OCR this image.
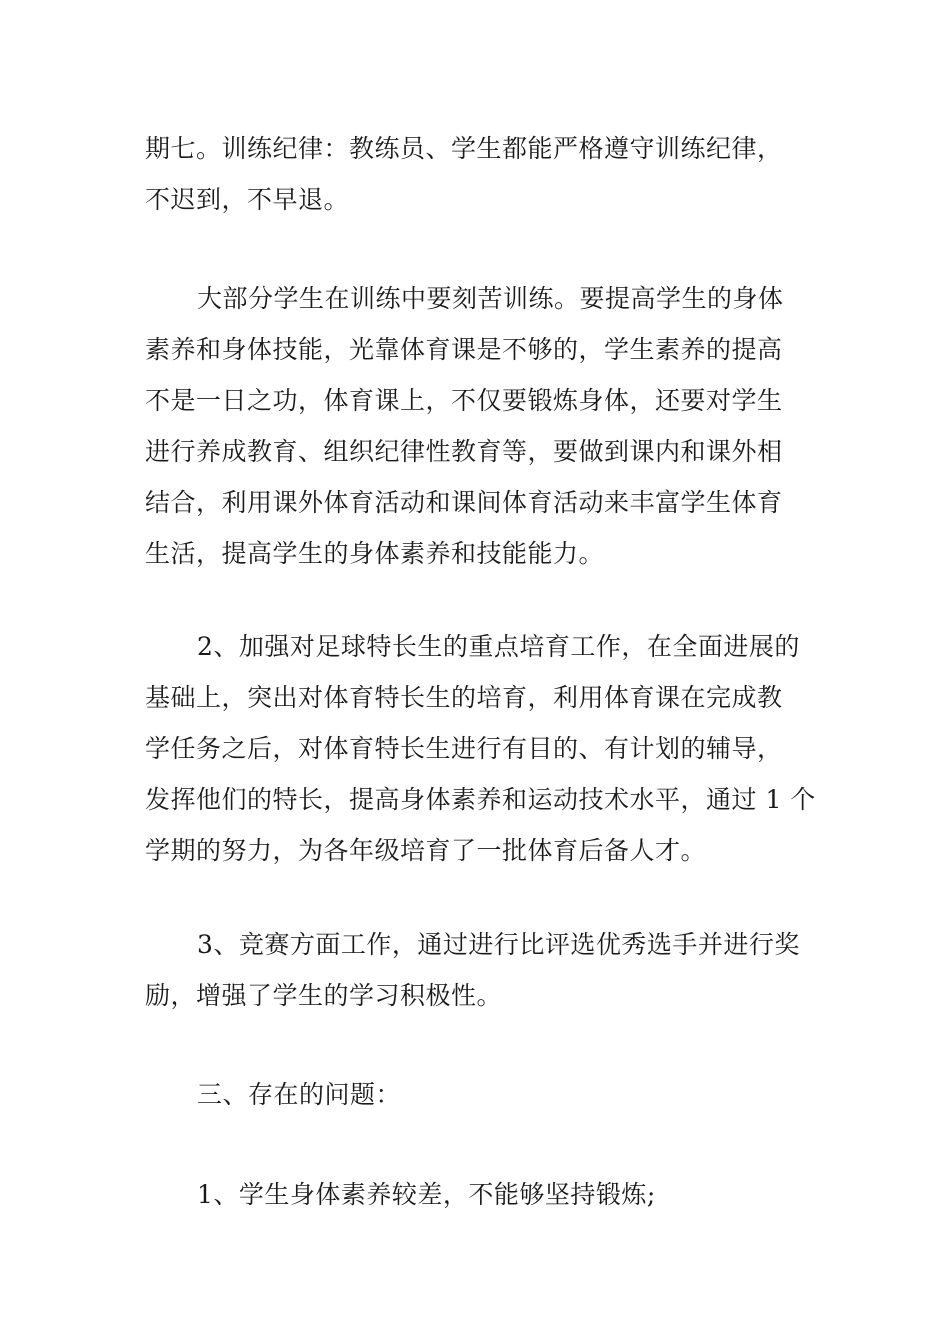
期七。训练纪律：教练员、学生都能严格遵守训练纪律，
不迟到，不早退。
大部分学生在训练中要刻苦训练。要提高学生的身体
素养和身体技能，光靠体育课是不够的，学生素养的提高
不是一日之功，体育课上，不仅要锻炼身体，还要对学生
进行养成教育、组织纪律性教育等，要做到课内和课外相
结合，利用课外体育活动和课间体育活动来丰富学生体育
生活，提高学生的身体素养和技能能力。
2、加强对足球特长生的重点培育工作，在全面进展的
基础上，突出对体育特长生的培育，利用体育课在完成教
学任务之后，对体育特长生进行有目的、有计划的辅导，
发挥他们的特长，提高身体素养和运动技术水平，通过 1 个
学期的努力，为各年级培育了一批体育后备人才。
3、竞赛方面工作，通过进行比评选优秀选手并进行奖
励，增强了学生的学习积极性。
三、存在的问题：
1、学生身体素养较差，不能够坚持锻炼;
